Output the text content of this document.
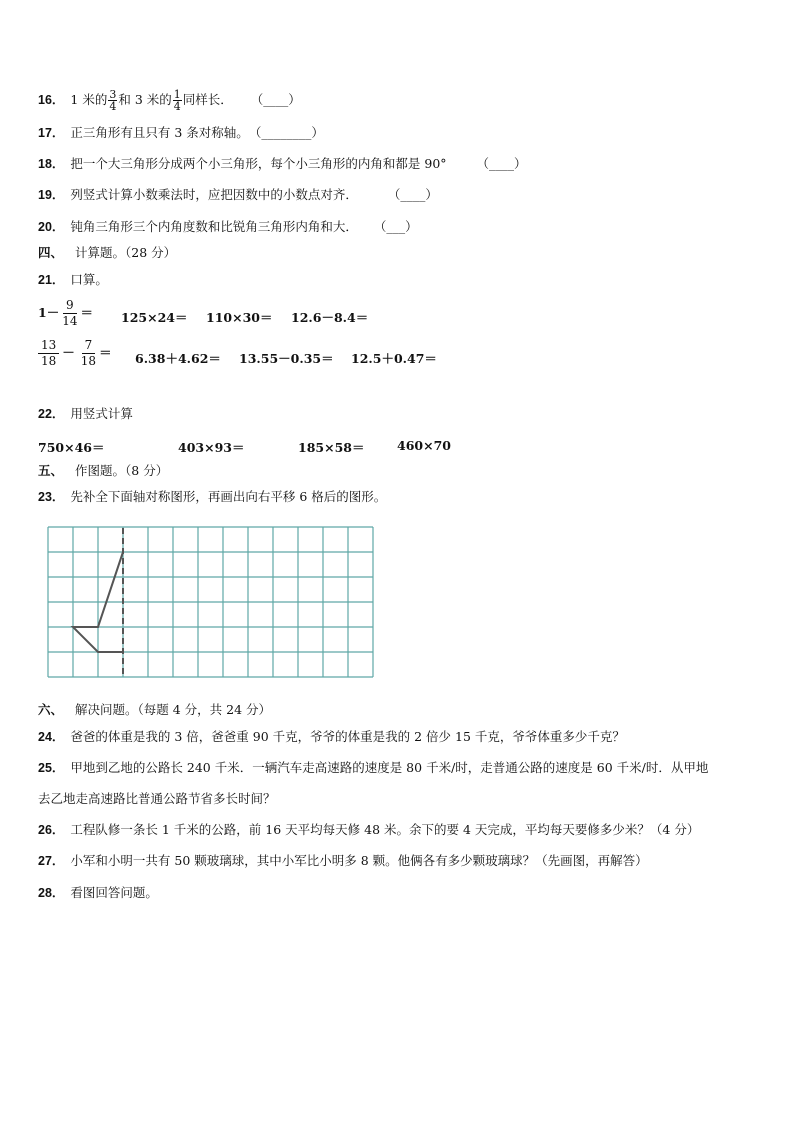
16． 1 米的 $\frac{3}{4}$ 和 3 米的 $\frac{1}{4}$ 同样长． （____）
17． 正三角形有且只有 3 条对称轴。（________）
18． 把一个大三角形分成两个小三角形，每个小三角形的内角和都是 90° （____）
19． 列竖式计算小数乘法时，应把因数中的小数点对齐． （____）
20． 钝角三角形三个内角度数和比锐角三角形内角和大． （___）
四、 计算题。（28 分）
21． 口算。
$1- \frac{9}{14} = 125\times 24= 110\times 30= 12.6-8.4=$
$\frac{13}{18} - \frac{7}{18} = 6.38+4.62= 13.55-0.35= 12.5+0.47=$
22． 用竖式计算
750×46＝	403×93＝	185×58＝	460×70
五、 作图题。（8 分）
23． 先补全下面轴对称图形，再画出向右平移 6 格后的图形。
六、 解决问题。（每题 4 分，共 24 分）
24． 爸爸的体重是我的 3 倍，爸爸重 90 千克，爷爷的体重是我的 2 倍少 15 千克，爷爷体重多少千克？
25． 甲地到乙地的公路长 240 千米．一辆汽车走高速路的速度是 80 千米/时，走普通公路的速度是 60 千米/时．从甲地
去乙地走高速路比普通公路节省多长时间？
26． 工程队修一条长 1 千米的公路，前 16 天平均每天修 48 米。余下的要 4 天完成，平均每天要修多少米？（4 分）
27． 小军和小明一共有 50 颗玻璃球，其中小军比小明多 8 颗。他俩各有多少颗玻璃球？（先画图，再解答）
28． 看图回答问题。
